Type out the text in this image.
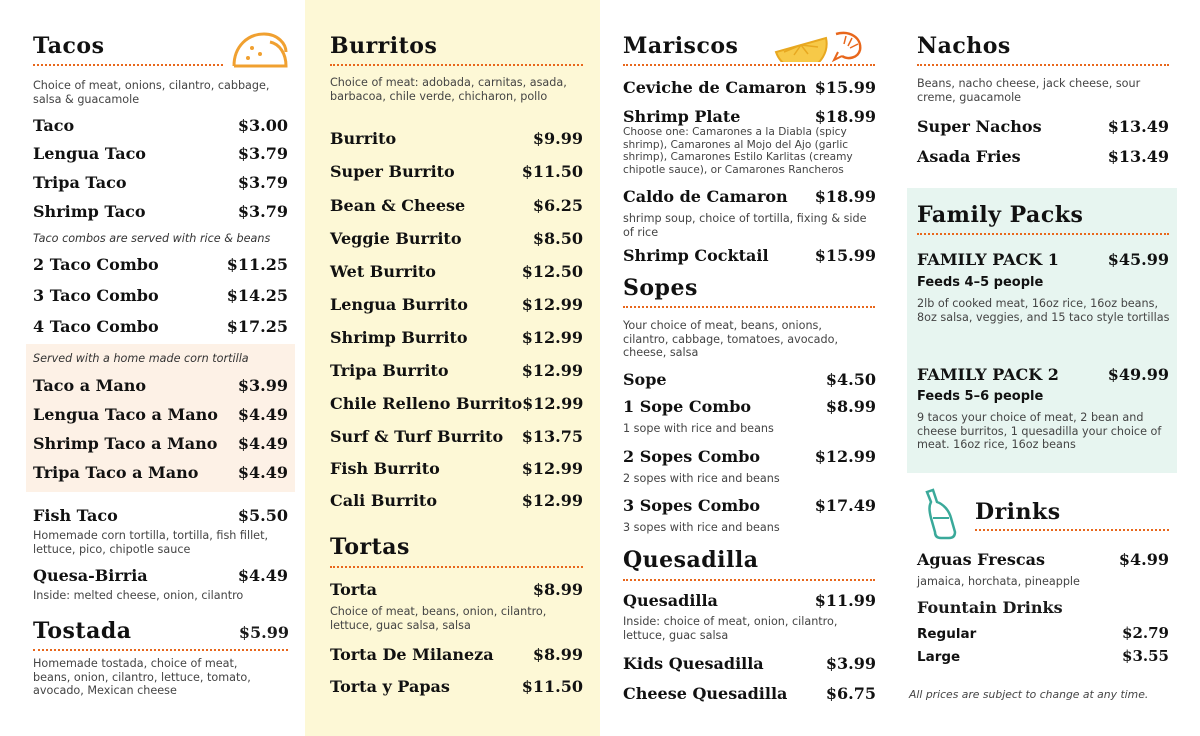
Tacos
Choice of meat, onions, cilantro, cabbage, salsa & guacamole
Taco	$3.00
Lengua Taco	$3.79
Tripa Taco	$3.79
Shrimp Taco	$3.79
Taco combos are served with rice & beans
2 Taco Combo	$11.25
3 Taco Combo	$14.25
4 Taco Combo	$17.25
Served with a home made corn tortilla
Taco a Mano	$3.99
Lengua Taco a Mano $4.49
Shrimp Taco a Mano $4.49
Tripa Taco a Mano $4.49
Fish Taco	$5.50
Homemade corn tortilla, tortilla, fish fillet, lettuce, pico, chipotle sauce
Quesa-Birria	$4.49
Inside: melted cheese, onion, cilantro
Tostada	$5.99
Homemade tostada, choice of meat, beans, onion, cilantro, lettuce, tomato, avocado, Mexican cheese
Burritos
Choice of meat: adobada, carnitas, asada, barbacoa, chile verde, chicharon, pollo
Burrito	$9.99
Super Burrito	$11.50
Bean & Cheese	$6.25
Veggie Burrito	$8.50
Wet Burrito	$12.50
Lengua Burrito	$12.99
Shrimp Burrito	$12.99
Tripa Burrito	$12.99
Chile Relleno Burrito $12.99
Surf & Turf Burrito $13.75
Fish Burrito	$12.99
Cali Burrito	$12.99
Tortas
Torta	$8.99
Choice of meat, beans, onion, cilantro, lettuce, guac salsa, salsa
Torta De Milaneza $8.99
Torta y Papas	$11.50
Mariscos
Ceviche de Camaron $15.99
Shrimp Plate	$18.99
Choose one: Camarones a la Diabla (spicy shrimp), Camarones al Mojo del Ajo (garlic shrimp), Camarones Estilo Karlitas (creamy chipotle sauce), or Camarones Rancheros
Caldo de Camaron $18.99
shrimp soup, choice of tortilla, fixing & side of rice
Shrimp Cocktail	$15.99
Sopes
Your choice of meat, beans, onions, cilantro, cabbage, tomatoes, avocado, cheese, salsa
Sope	$4.50
1 Sope Combo	$8.99
1 sope with rice and beans
2 Sopes Combo	$12.99
2 sopes with rice and beans
3 Sopes Combo	$17.49
3 sopes with rice and beans
Quesadilla
Quesadilla	$11.99
Inside: choice of meat, onion, cilantro, lettuce, guac salsa
Kids Quesadilla	$3.99
Cheese Quesadilla $6.75
Nachos
Beans, nacho cheese, jack cheese, sour creme, guacamole
Super Nachos	$13.49
Asada Fries	$13.49
Family Packs
FAMILY PACK 1	$45.99
Feeds 4–5 people
2lb of cooked meat, 16oz rice, 16oz beans, 8oz salsa, veggies, and 15 taco style tortillas
FAMILY PACK 2	$49.99
Feeds 5–6 people
9 tacos your choice of meat, 2 bean and cheese burritos, 1 quesadilla your choice of meat. 16oz rice, 16oz beans
Drinks
Aguas Frescas	$4.99
jamaica, horchata, pineapple
Fountain Drinks
Regular	$2.79
Large	$3.55
All prices are subject to change at any time.
